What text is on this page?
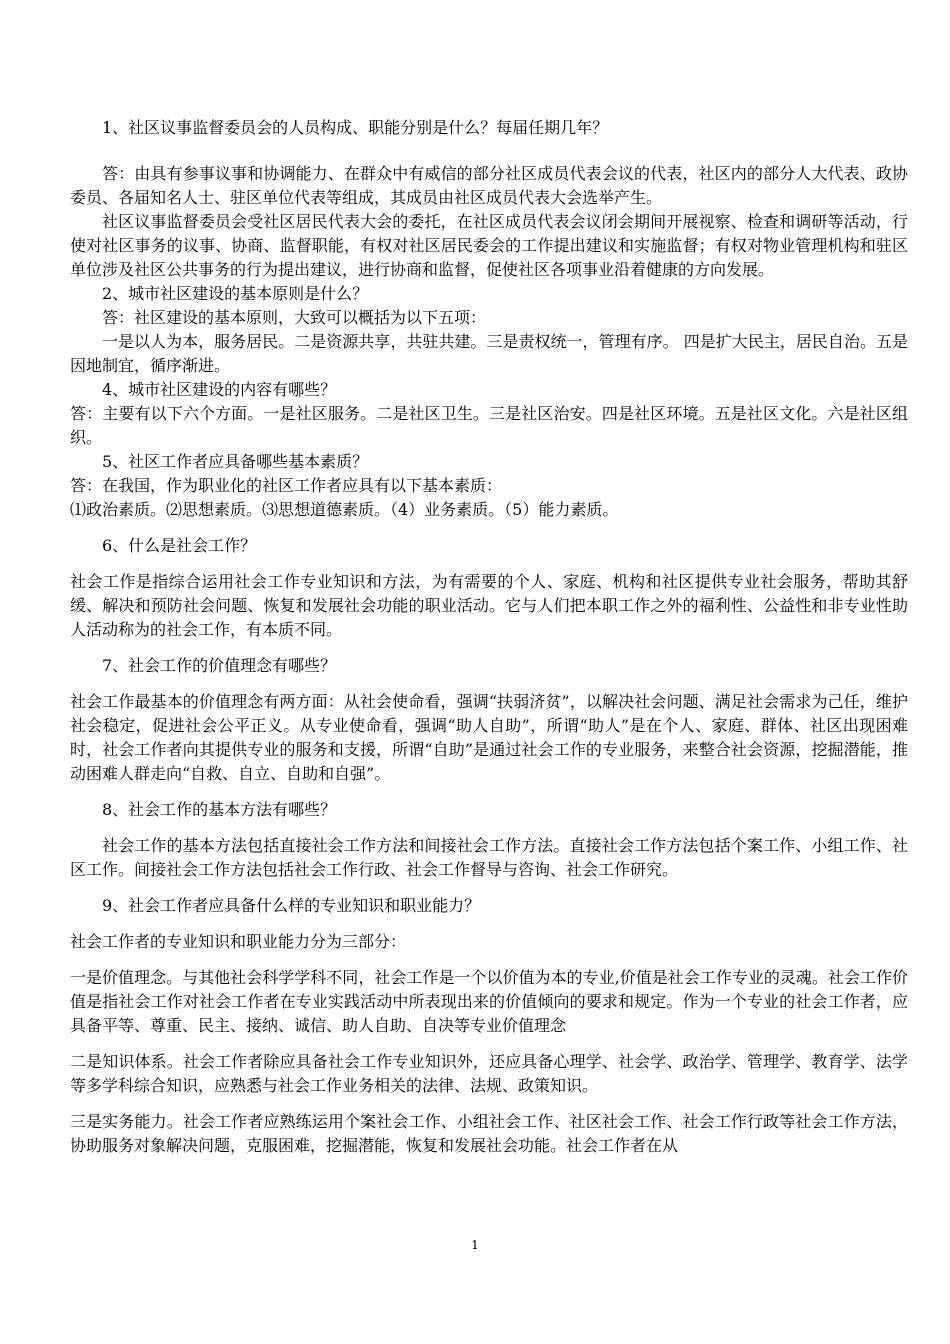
1、社区议事监督委员会的人员构成、职能分别是什么？每届任期几年？

答：由具有参事议事和协调能力、在群众中有威信的部分社区成员代表会议的代表，社区内的部分人大代表、政协委员、各届知名人士、驻区单位代表等组成，其成员由社区成员代表大会选举产生。

社区议事监督委员会受社区居民代表大会的委托，在社区成员代表会议闭会期间开展视察、检查和调研等活动，行使对社区事务的议事、协商、监督职能，有权对社区居民委会的工作提出建议和实施监督；有权对物业管理机构和驻区单位涉及社区公共事务的行为提出建议，进行协商和监督，促使社区各项事业沿着健康的方向发展。

2、城市社区建设的基本原则是什么？

答：社区建设的基本原则，大致可以概括为以下五项：

一是以人为本，服务居民。二是资源共享，共驻共建。三是责权统一，管理有序。 四是扩大民主，居民自治。五是因地制宜，循序渐进。

4、城市社区建设的内容有哪些？

答：主要有以下六个方面。一是社区服务。二是社区卫生。三是社区治安。四是社区环境。五是社区文化。六是社区组织。

5、社区工作者应具备哪些基本素质？

答：在我国，作为职业化的社区工作者应具有以下基本素质：

⑴政治素质。⑵思想素质。⑶思想道德素质。（4）业务素质。（5）能力素质。

6、什么是社会工作？

社会工作是指综合运用社会工作专业知识和方法，为有需要的个人、家庭、机构和社区提供专业社会服务，帮助其舒缓、解决和预防社会问题、恢复和发展社会功能的职业活动。它与人们把本职工作之外的福利性、公益性和非专业性助人活动称为的社会工作，有本质不同。

7、社会工作的价值理念有哪些？

社会工作最基本的价值理念有两方面：从社会使命看，强调“扶弱济贫”，以解决社会问题、满足社会需求为己任，维护社会稳定，促进社会公平正义。从专业使命看，强调“助人自助”，所谓“助人”是在个人、家庭、群体、社区出现困难时，社会工作者向其提供专业的服务和支援，所谓“自助”是通过社会工作的专业服务，来整合社会资源，挖掘潜能，推动困难人群走向“自救、自立、自助和自强”。

8、社会工作的基本方法有哪些？

社会工作的基本方法包括直接社会工作方法和间接社会工作方法。直接社会工作方法包括个案工作、小组工作、社区工作。间接社会工作方法包括社会工作行政、社会工作督导与咨询、社会工作研究。

9、社会工作者应具备什么样的专业知识和职业能力？

社会工作者的专业知识和职业能力分为三部分：

一是价值理念。与其他社会科学学科不同，社会工作是一个以价值为本的专业,价值是社会工作专业的灵魂。社会工作价值是指社会工作对社会工作者在专业实践活动中所表现出来的价值倾向的要求和规定。作为一个专业的社会工作者，应具备平等、尊重、民主、接纳、诚信、助人自助、自决等专业价值理念

二是知识体系。社会工作者除应具备社会工作专业知识外，还应具备心理学、社会学、政治学、管理学、教育学、法学等多学科综合知识，应熟悉与社会工作业务相关的法律、法规、政策知识。

三是实务能力。社会工作者应熟练运用个案社会工作、小组社会工作、社区社会工作、社会工作行政等社会工作方法，协助服务对象解决问题，克服困难，挖掘潜能，恢复和发展社会功能。社会工作者在从

1
